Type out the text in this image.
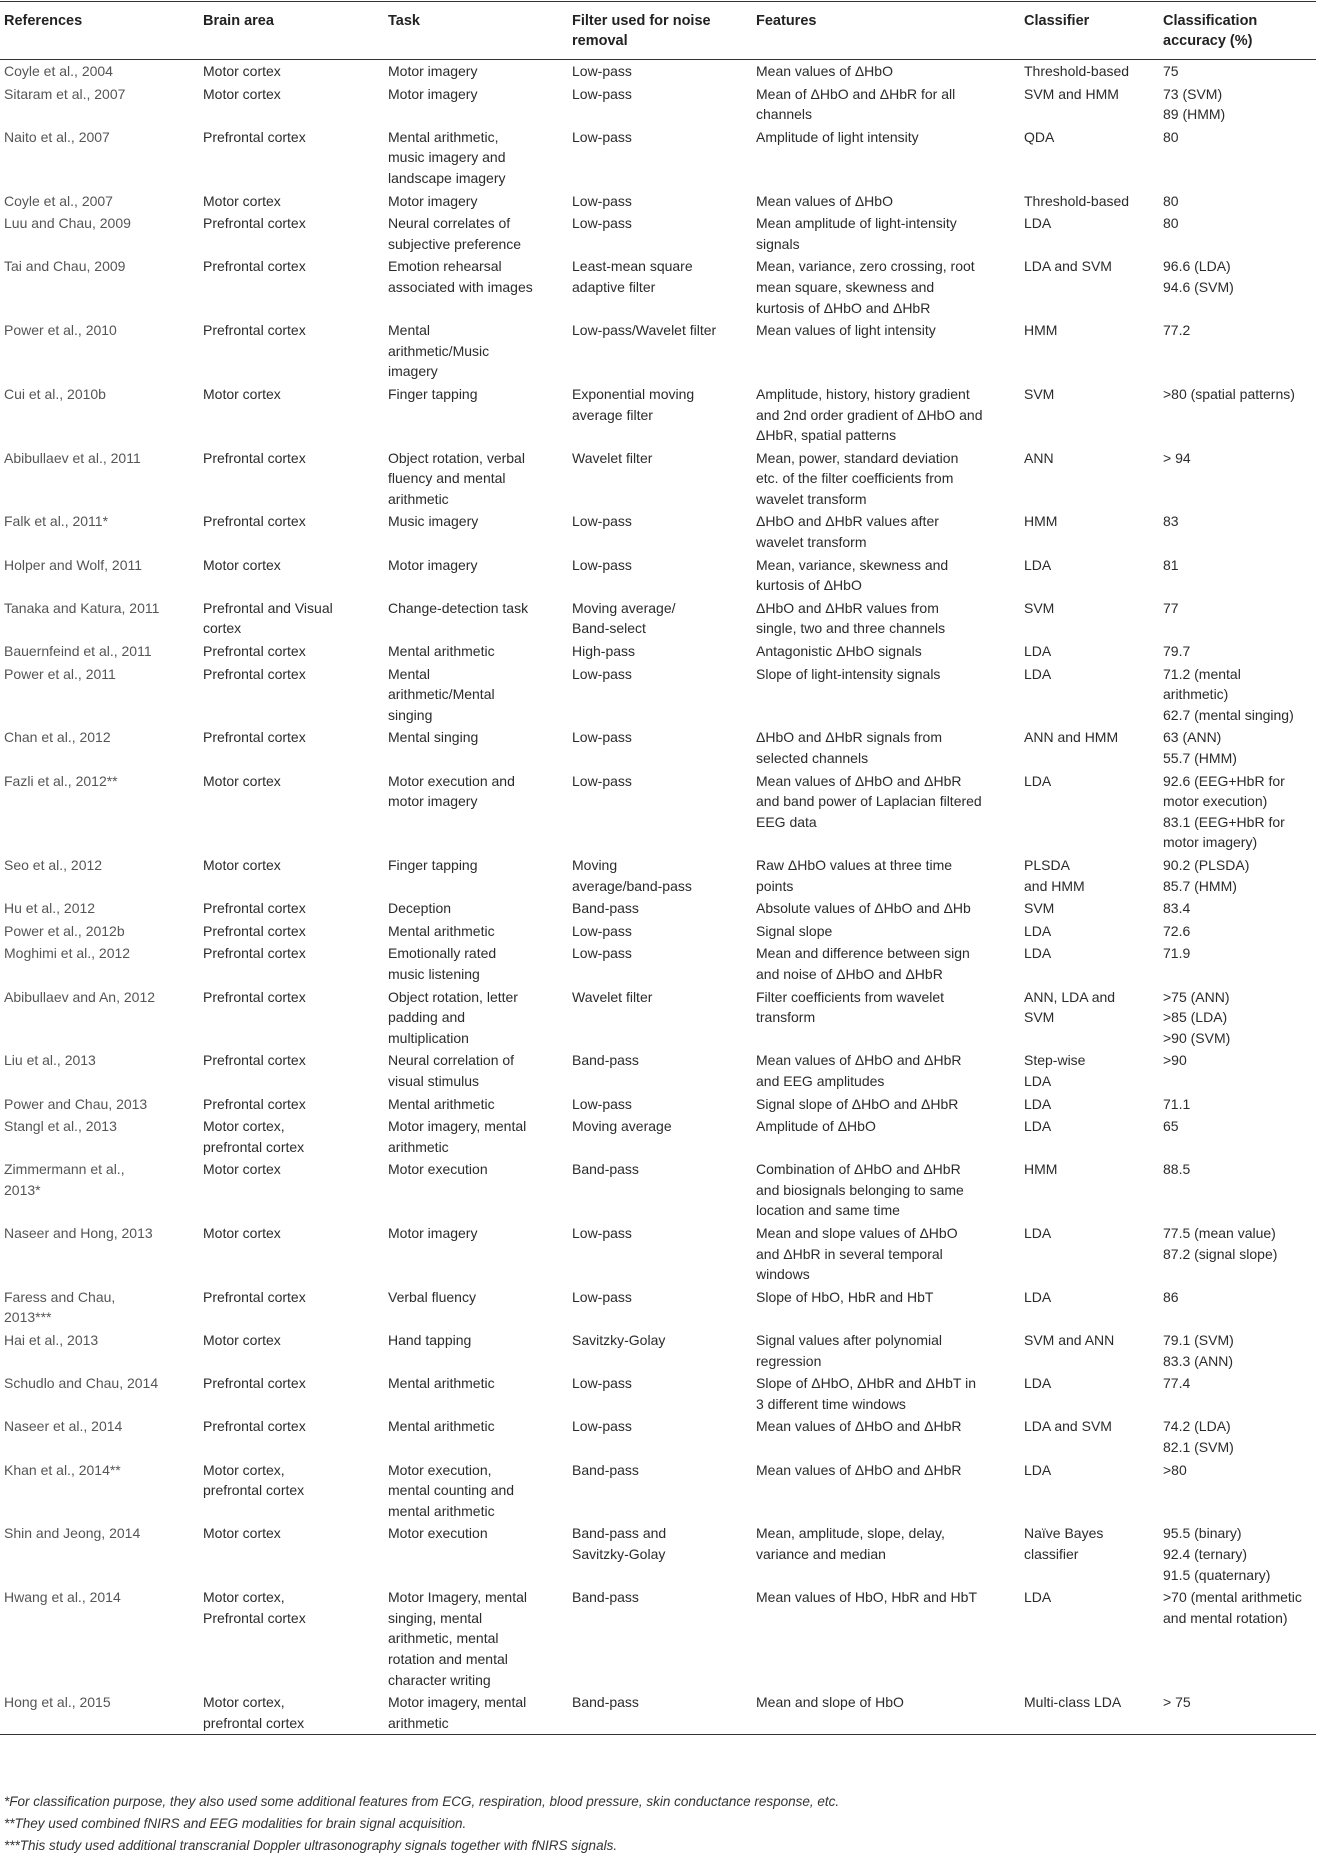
References	Brain area	Task	Filter used for noise
removal	Features	Classifier	Classification
accuracy (%)
Coyle et al., 2004	Motor cortex	Motor imagery	Low-pass	Mean values of ΔHbO	Threshold-based	75
Sitaram et al., 2007	Motor cortex	Motor imagery	Low-pass	Mean of ΔHbO and ΔHbR for all
channels	SVM and HMM	73 (SVM)
89 (HMM)
Naito et al., 2007	Prefrontal cortex	Mental arithmetic,
music imagery and
landscape imagery	Low-pass	Amplitude of light intensity	QDA	80
Coyle et al., 2007	Motor cortex	Motor imagery	Low-pass	Mean values of ΔHbO	Threshold-based	80
Luu and Chau, 2009	Prefrontal cortex	Neural correlates of
subjective preference	Low-pass	Mean amplitude of light-intensity
signals	LDA	80
Tai and Chau, 2009	Prefrontal cortex	Emotion rehearsal
associated with images	Least-mean square
adaptive filter	Mean, variance, zero crossing, root
mean square, skewness and
kurtosis of ΔHbO and ΔHbR	LDA and SVM	96.6 (LDA)
94.6 (SVM)
Power et al., 2010	Prefrontal cortex	Mental
arithmetic/Music
imagery	Low-pass/Wavelet filter	Mean values of light intensity	HMM	77.2
Cui et al., 2010b	Motor cortex	Finger tapping	Exponential moving
average filter	Amplitude, history, history gradient
and 2nd order gradient of ΔHbO and
ΔHbR, spatial patterns	SVM	>80 (spatial patterns)
Abibullaev et al., 2011	Prefrontal cortex	Object rotation, verbal
fluency and mental
arithmetic	Wavelet filter	Mean, power, standard deviation
etc. of the filter coefficients from
wavelet transform	ANN	> 94
Falk et al., 2011*	Prefrontal cortex	Music imagery	Low-pass	ΔHbO and ΔHbR values after
wavelet transform	HMM	83
Holper and Wolf, 2011	Motor cortex	Motor imagery	Low-pass	Mean, variance, skewness and
kurtosis of ΔHbO	LDA	81
Tanaka and Katura, 2011	Prefrontal and Visual
cortex	Change-detection task	Moving average/
Band-select	ΔHbO and ΔHbR values from
single, two and three channels	SVM	77
Bauernfeind et al., 2011	Prefrontal cortex	Mental arithmetic	High-pass	Antagonistic ΔHbO signals	LDA	79.7
Power et al., 2011	Prefrontal cortex	Mental
arithmetic/Mental
singing	Low-pass	Slope of light-intensity signals	LDA	71.2 (mental
arithmetic)
62.7 (mental singing)
Chan et al., 2012	Prefrontal cortex	Mental singing	Low-pass	ΔHbO and ΔHbR signals from
selected channels	ANN and HMM	63 (ANN)
55.7 (HMM)
Fazli et al., 2012**	Motor cortex	Motor execution and
motor imagery	Low-pass	Mean values of ΔHbO and ΔHbR
and band power of Laplacian filtered
EEG data	LDA	92.6 (EEG+HbR for
motor execution)
83.1 (EEG+HbR for
motor imagery)
Seo et al., 2012	Motor cortex	Finger tapping	Moving
average/band-pass	Raw ΔHbO values at three time
points	PLSDA
and HMM	90.2 (PLSDA)
85.7 (HMM)
Hu et al., 2012	Prefrontal cortex	Deception	Band-pass	Absolute values of ΔHbO and ΔHb	SVM	83.4
Power et al., 2012b	Prefrontal cortex	Mental arithmetic	Low-pass	Signal slope	LDA	72.6
Moghimi et al., 2012	Prefrontal cortex	Emotionally rated
music listening	Low-pass	Mean and difference between sign
and noise of ΔHbO and ΔHbR	LDA	71.9
Abibullaev and An, 2012	Prefrontal cortex	Object rotation, letter
padding and
multiplication	Wavelet filter	Filter coefficients from wavelet
transform	ANN, LDA and
SVM	>75 (ANN)
>85 (LDA)
>90 (SVM)
Liu et al., 2013	Prefrontal cortex	Neural correlation of
visual stimulus	Band-pass	Mean values of ΔHbO and ΔHbR
and EEG amplitudes	Step-wise
LDA	>90
Power and Chau, 2013	Prefrontal cortex	Mental arithmetic	Low-pass	Signal slope of ΔHbO and ΔHbR	LDA	71.1
Stangl et al., 2013	Motor cortex,
prefrontal cortex	Motor imagery, mental
arithmetic	Moving average	Amplitude of ΔHbO	LDA	65
Zimmermann et al.,
2013*	Motor cortex	Motor execution	Band-pass	Combination of ΔHbO and ΔHbR
and biosignals belonging to same
location and same time	HMM	88.5
Naseer and Hong, 2013	Motor cortex	Motor imagery	Low-pass	Mean and slope values of ΔHbO
and ΔHbR in several temporal
windows	LDA	77.5 (mean value)
87.2 (signal slope)
Faress and Chau,
2013***	Prefrontal cortex	Verbal fluency	Low-pass	Slope of HbO, HbR and HbT	LDA	86
Hai et al., 2013	Motor cortex	Hand tapping	Savitzky-Golay	Signal values after polynomial
regression	SVM and ANN	79.1 (SVM)
83.3 (ANN)
Schudlo and Chau, 2014	Prefrontal cortex	Mental arithmetic	Low-pass	Slope of ΔHbO, ΔHbR and ΔHbT in
3 different time windows	LDA	77.4
Naseer et al., 2014	Prefrontal cortex	Mental arithmetic	Low-pass	Mean values of ΔHbO and ΔHbR	LDA and SVM	74.2 (LDA)
82.1 (SVM)
Khan et al., 2014**	Motor cortex,
prefrontal cortex	Motor execution,
mental counting and
mental arithmetic	Band-pass	Mean values of ΔHbO and ΔHbR	LDA	>80
Shin and Jeong, 2014	Motor cortex	Motor execution	Band-pass and
Savitzky-Golay	Mean, amplitude, slope, delay,
variance and median	Naïve Bayes
classifier	95.5 (binary)
92.4 (ternary)
91.5 (quaternary)
Hwang et al., 2014	Motor cortex,
Prefrontal cortex	Motor Imagery, mental
singing, mental
arithmetic, mental
rotation and mental
character writing	Band-pass	Mean values of HbO, HbR and HbT	LDA	>70 (mental arithmetic
and mental rotation)
Hong et al., 2015	Motor cortex,
prefrontal cortex	Motor imagery, mental
arithmetic	Band-pass	Mean and slope of HbO	Multi-class LDA	> 75
*For classification purpose, they also used some additional features from ECG, respiration, blood pressure, skin conductance response, etc.
**They used combined fNIRS and EEG modalities for brain signal acquisition.
***This study used additional transcranial Doppler ultrasonography signals together with fNIRS signals.
